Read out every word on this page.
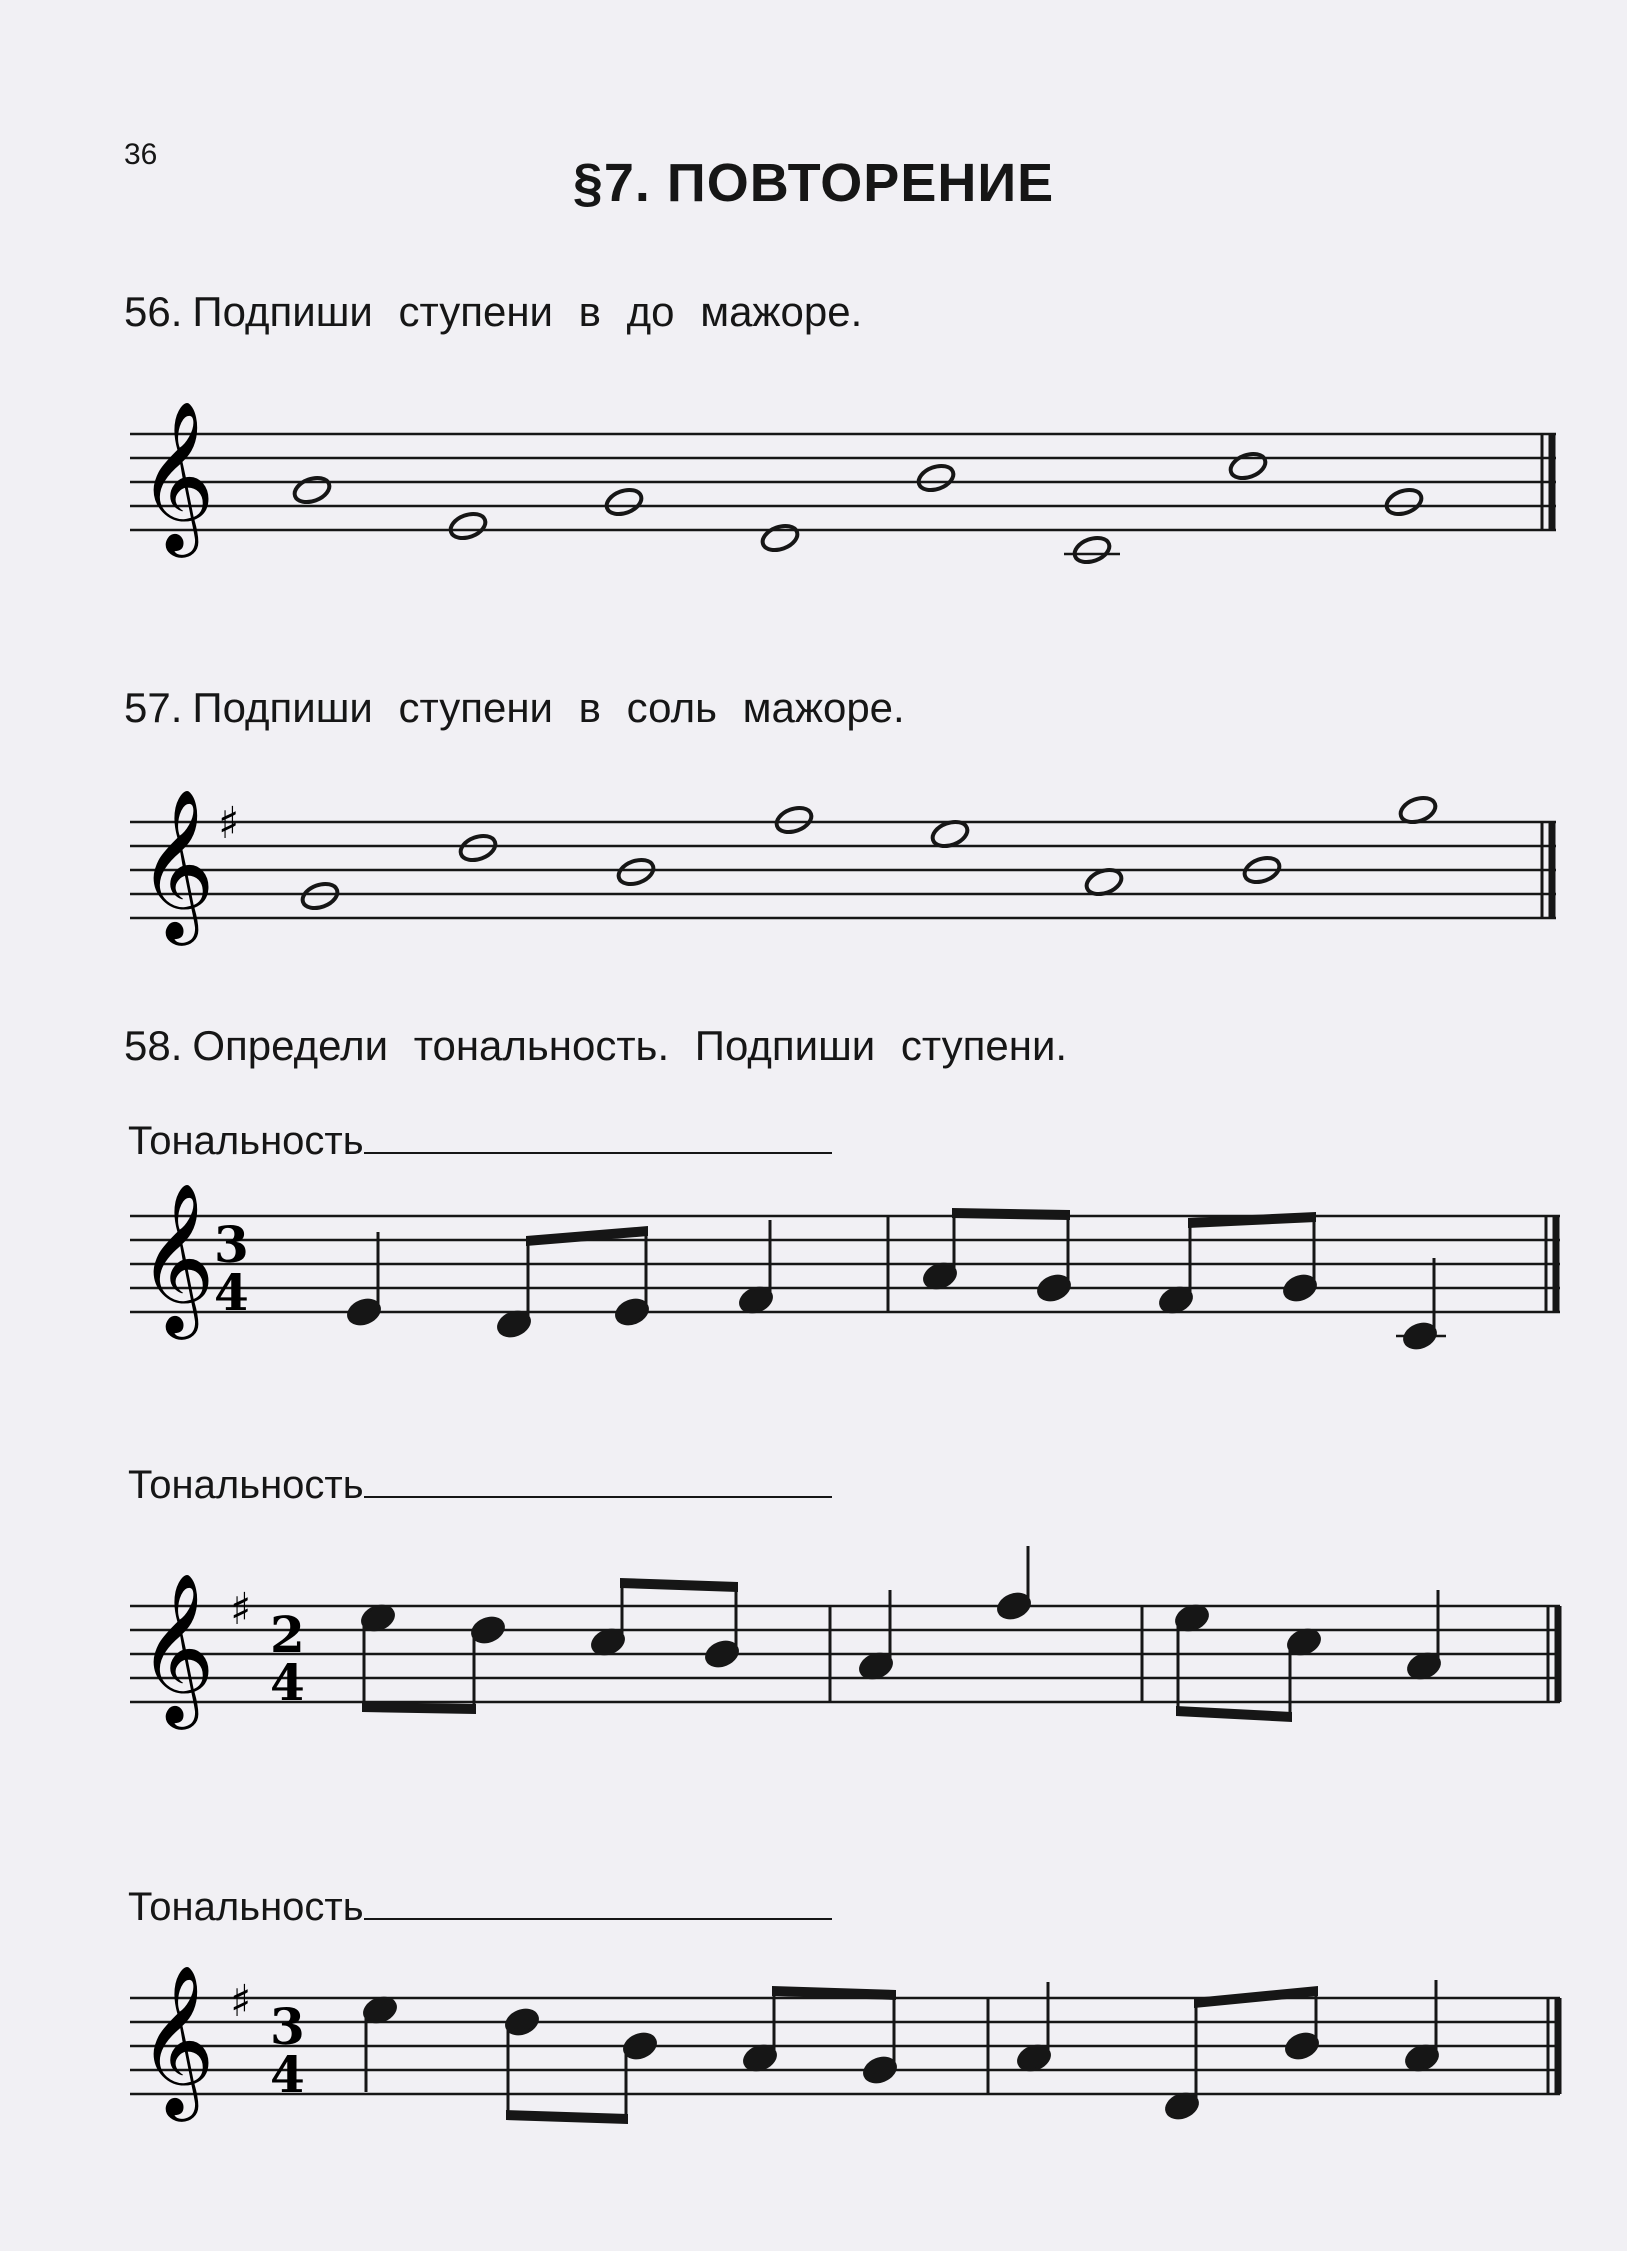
36	§7. ПОВТОРЕНИЕ

56. Подпиши ступени в до мажоре.

𝄞

57. Подпиши ступени в соль мажоре.

𝄞 ♯

58. Определи тональность. Подпиши ступени.

Тональность
𝄞 3
4
Тональность
𝄞 ♯ 2
4
Тональность
𝄞 ♯ 3
4
